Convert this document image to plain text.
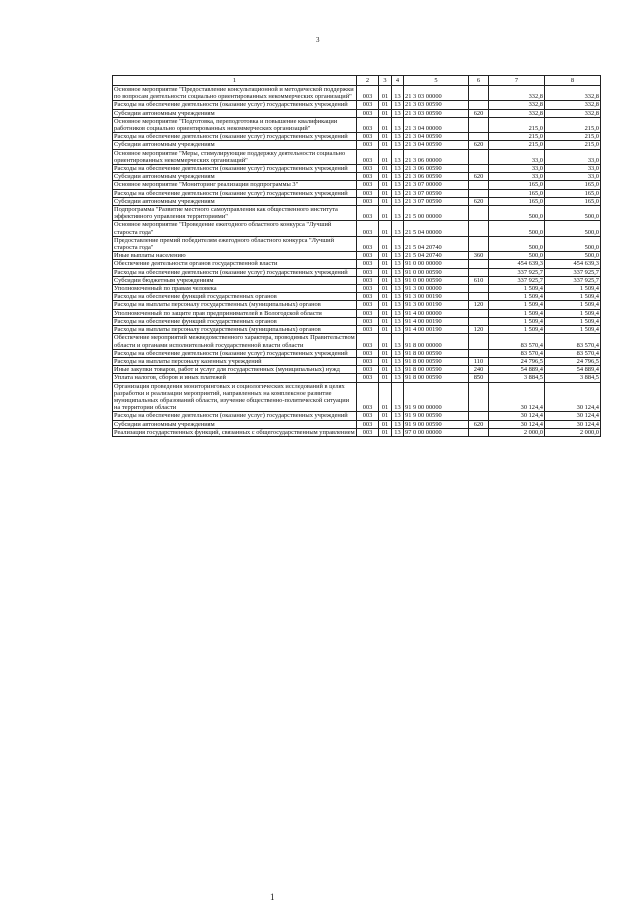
3
1	2	3	4	5	6	7	8
Основное мероприятие "Предоставление консультационной и методической поддержки по вопросам деятельности социально ориентированных некоммерческих организаций"	003	01	13	21 3 03 00000		332,8	332,8
Расходы на обеспечение деятельности (оказание услуг) государственных учреждений	003	01	13	21 3 03 00590		332,8	332,8
Субсидии автономным учреждениям	003	01	13	21 3 03 00590	620	332,8	332,8
Основное мероприятие "Подготовка, переподготовка и повышение квалификации работников социально ориентированных некоммерческих организаций"	003	01	13	21 3 04 00000		215,0	215,0
Расходы на обеспечение деятельности (оказание услуг) государственных учреждений	003	01	13	21 3 04 00590		215,0	215,0
Субсидии автономным учреждениям	003	01	13	21 3 04 00590	620	215,0	215,0
Основное мероприятие "Меры, стимулирующие поддержку деятельности социально ориентированных некоммерческих организаций"	003	01	13	21 3 06 00000		33,0	33,0
Расходы на обеспечение деятельности (оказание услуг) государственных учреждений	003	01	13	21 3 06 00590		33,0	33,0
Субсидии автономным учреждениям	003	01	13	21 3 06 00590	620	33,0	33,0
Основное мероприятие "Мониторинг реализации подпрограммы 3"	003	01	13	21 3 07 00000		165,0	165,0
Расходы на обеспечение деятельности (оказание услуг) государственных учреждений	003	01	13	21 3 07 00590		165,0	165,0
Субсидии автономным учреждениям	003	01	13	21 3 07 00590	620	165,0	165,0
Подпрограмма "Развитие местного самоуправления как общественного института эффективного управления территориями"	003	01	13	21 5 00 00000		500,0	500,0
Основное мероприятие "Проведение ежегодного областного конкурса "Лучший староста года"	003	01	13	21 5 04 00000		500,0	500,0
Предоставление премий победителям ежегодного областного конкурса "Лучший староста года"	003	01	13	21 5 04 20740		500,0	500,0
Иные выплаты населению	003	01	13	21 5 04 20740	360	500,0	500,0
Обеспечение деятельности органов государственной власти	003	01	13	91 0 00 00000		454 639,3	454 639,3
Расходы на обеспечение деятельности (оказание услуг) государственных учреждений	003	01	13	91 0 00 00590		337 925,7	337 925,7
Субсидии бюджетным учреждениям	003	01	13	91 0 00 00590	610	337 925,7	337 925,7
Уполномоченный по правам человека	003	01	13	91 3 00 00000		1 509,4	1 509,4
Расходы на обеспечение функций государственных органов	003	01	13	91 3 00 00190		1 509,4	1 509,4
Расходы на выплаты персоналу государственных (муниципальных) органов	003	01	13	91 3 00 00190	120	1 509,4	1 509,4
Уполномоченный по защите прав предпринимателей в Вологодской области	003	01	13	91 4 00 00000		1 509,4	1 509,4
Расходы на обеспечение функций государственных органов	003	01	13	91 4 00 00190		1 509,4	1 509,4
Расходы на выплаты персоналу государственных (муниципальных) органов	003	01	13	91 4 00 00190	120	1 509,4	1 509,4
Обеспечение мероприятий межведомственного характера, проводимых Правительством области и органами исполнительной государственной власти области	003	01	13	91 8 00 00000		83 570,4	83 570,4
Расходы на обеспечение деятельности (оказание услуг) государственных учреждений	003	01	13	91 8 00 00590		83 570,4	83 570,4
Расходы на выплаты персоналу казенных учреждений	003	01	13	91 8 00 00590	110	24 796,5	24 796,5
Иные закупки товаров, работ и услуг для государственных (муниципальных) нужд	003	01	13	91 8 00 00590	240	54 889,4	54 889,4
Уплата налогов, сборов и иных платежей	003	01	13	91 8 00 00590	850	3 884,5	3 884,5
Организация проведения мониторинговых и социологических исследований в целях разработки и реализации мероприятий, направленных на комплексное развитие муниципальных образований области, изучение общественно-политической ситуации на территории области	003	01	13	91 9 00 00000		30 124,4	30 124,4
Расходы на обеспечение деятельности (оказание услуг) государственных учреждений	003	01	13	91 9 00 00590		30 124,4	30 124,4
Субсидии автономным учреждениям	003	01	13	91 9 00 00590	620	30 124,4	30 124,4
Реализация государственных функций, связанных с общегосударственным управлением	003	01	13	97 0 00 00000		2 000,0	2 000,0
1
